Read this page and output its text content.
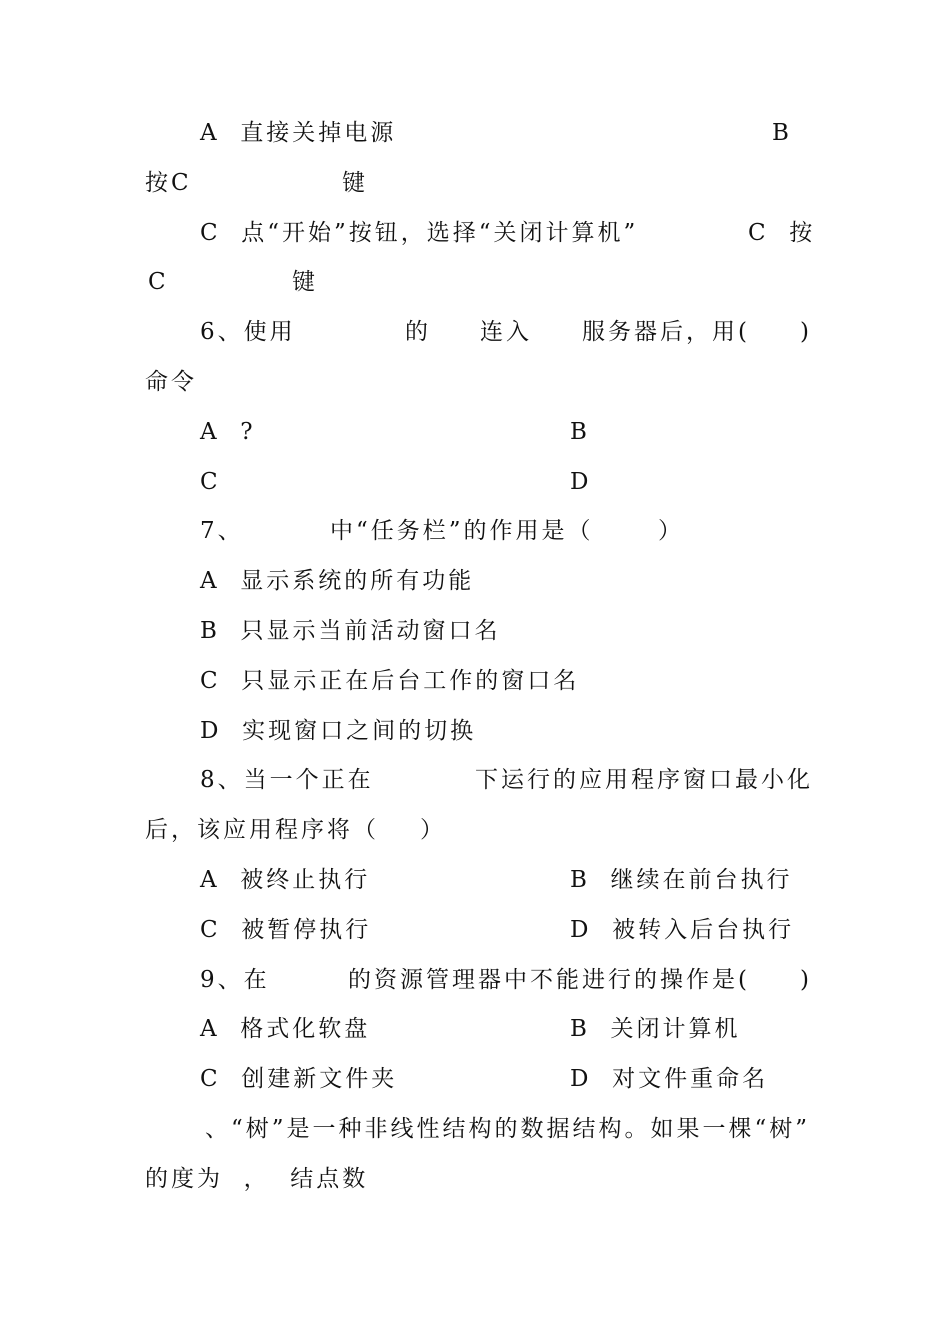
A  直接关掉电源	B
按C	键
C  点“开始”按钮，选择“关闭计算机”	C  按
C	键
6、使用	的 连入 服务器后，用( )
命令
A  ?	B
C	D
7、	中“任务栏”的作用是（	）
A  显示系统的所有功能
B  只显示当前活动窗口名
C  只显示正在后台工作的窗口名
D  实现窗口之间的切换
8、当一个正在	下运行的应用程序窗口最小化
后，该应用程序将（ ）
A  被终止执行	B  继续在前台执行
C  被暂停执行	D  被转入后台执行
9、在	的资源管理器中不能进行的操作是( )
A  格式化软盘	B  关闭计算机
C  创建新文件夹	D  对文件重命名
、“树”是一种非线性结构的数据结构。如果一棵“树”
的度为  ，  结点数
